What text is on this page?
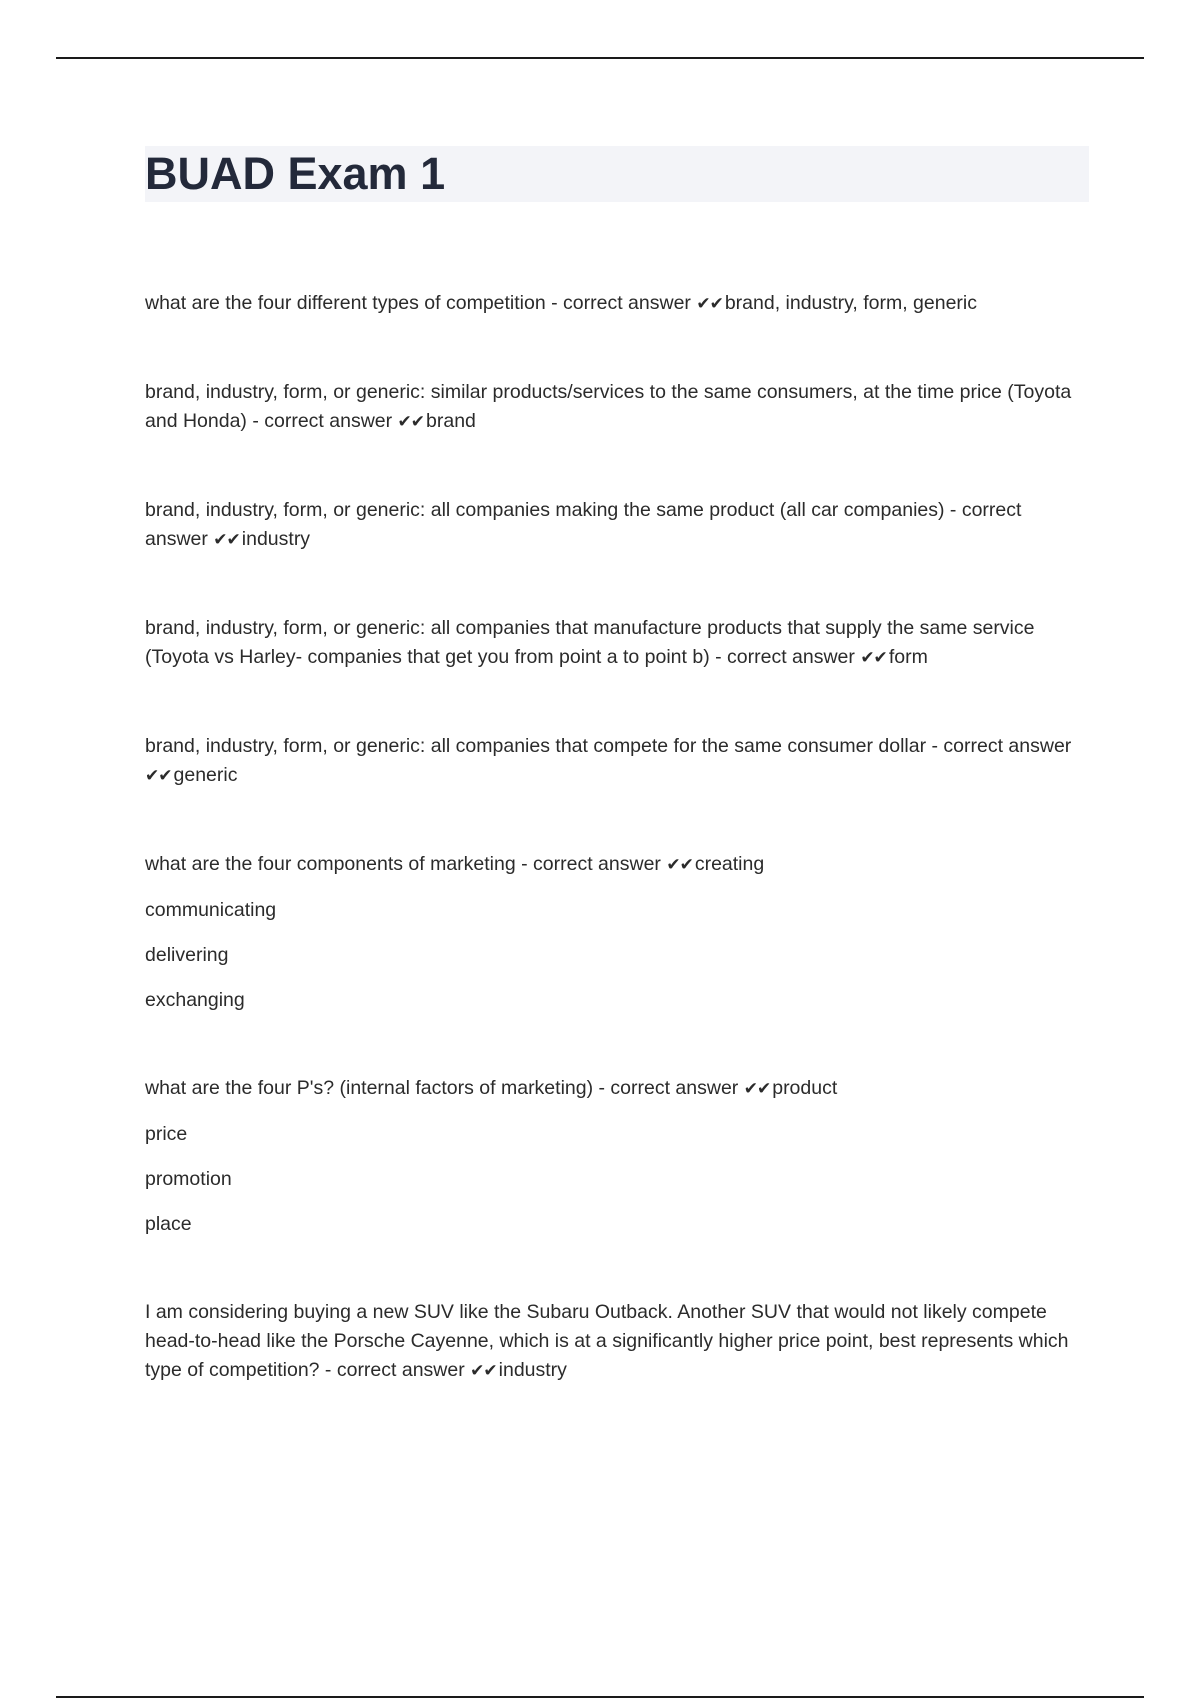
BUAD Exam 1

what are the four different types of competition - correct answer ✔✔ brand, industry, form, generic

brand, industry, form, or generic: similar products/services to the same consumers, at the time price (Toyota and Honda) - correct answer ✔✔ brand

brand, industry, form, or generic: all companies making the same product (all car companies) - correct answer ✔✔ industry

brand, industry, form, or generic: all companies that manufacture products that supply the same service (Toyota vs Harley- companies that get you from point a to point b) - correct answer ✔✔ form

brand, industry, form, or generic: all companies that compete for the same consumer dollar - correct answer ✔✔ generic

what are the four components of marketing - correct answer ✔✔ creating

communicating

delivering

exchanging

what are the four P's? (internal factors of marketing) - correct answer ✔✔ product

price

promotion

place

I am considering buying a new SUV like the Subaru Outback. Another SUV that would not likely compete head-to-head like the Porsche Cayenne, which is at a significantly higher price point, best represents which type of competition? - correct answer ✔✔ industry
